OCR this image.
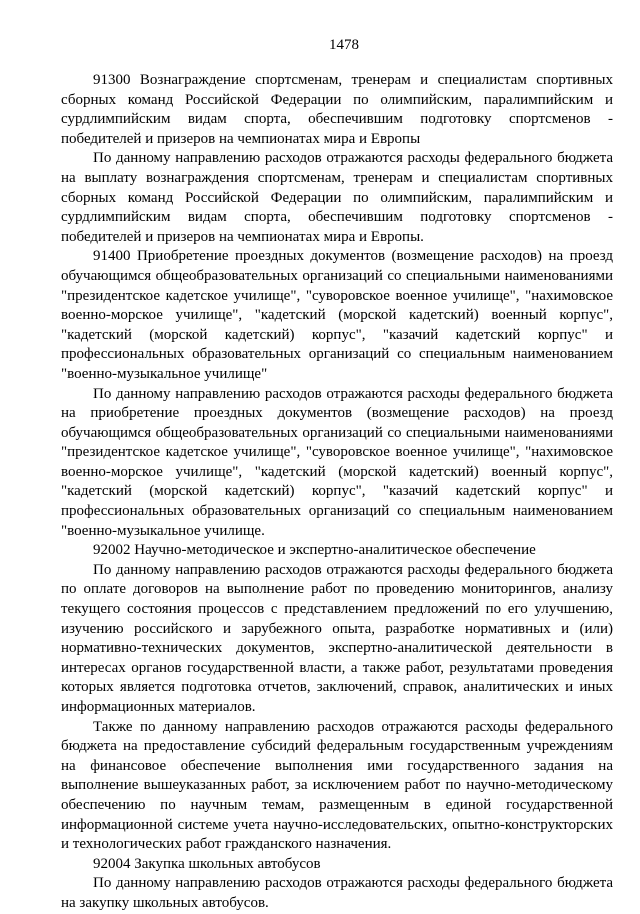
1478

91300 Вознаграждение спортсменам, тренерам и специалистам спортивных сборных команд Российской Федерации по олимпийским, паралимпийским и сурдлимпийским видам спорта, обеспечившим подготовку спортсменов - победителей и призеров на чемпионатах мира и Европы

По данному направлению расходов отражаются расходы федерального бюджета на выплату вознаграждения спортсменам, тренерам и специалистам спортивных сборных команд Российской Федерации по олимпийским, паралимпийским и сурдлимпийским видам спорта, обеспечившим подготовку спортсменов - победителей и призеров на чемпионатах мира и Европы.

91400 Приобретение проездных документов (возмещение расходов) на проезд обучающимся общеобразовательных организаций со специальными наименованиями "президентское кадетское училище", "суворовское военное училище", "нахимовское военно-морское училище", "кадетский (морской кадетский) военный корпус", "кадетский (морской кадетский) корпус", "казачий кадетский корпус" и профессиональных образовательных организаций со специальным наименованием "военно-музыкальное училище"

По данному направлению расходов отражаются расходы федерального бюджета на приобретение проездных документов (возмещение расходов) на проезд обучающимся общеобразовательных организаций со специальными наименованиями "президентское кадетское училище", "суворовское военное училище", "нахимовское военно-морское училище", "кадетский (морской кадетский) военный корпус", "кадетский (морской кадетский) корпус", "казачий кадетский корпус" и профессиональных образовательных организаций со специальным наименованием "военно-музыкальное училище.

92002 Научно-методическое и экспертно-аналитическое обеспечение

По данному направлению расходов отражаются расходы федерального бюджета по оплате договоров на выполнение работ по проведению мониторингов, анализу текущего состояния процессов с представлением предложений по его улучшению, изучению российского и зарубежного опыта, разработке нормативных и (или) нормативно-технических документов, экспертно-аналитической деятельности в интересах органов государственной власти, а также работ, результатами проведения которых является подготовка отчетов, заключений, справок, аналитических и иных информационных материалов.

Также по данному направлению расходов отражаются расходы федерального бюджета на предоставление субсидий федеральным государственным учреждениям на финансовое обеспечение выполнения ими государственного задания на выполнение вышеуказанных работ, за исключением работ по научно-методическому обеспечению по научным темам, размещенным в единой государственной информационной системе учета научно-исследовательских, опытно-конструкторских и технологических работ гражданского назначения.

92004 Закупка школьных автобусов

По данному направлению расходов отражаются расходы федерального бюджета на закупку школьных автобусов.
